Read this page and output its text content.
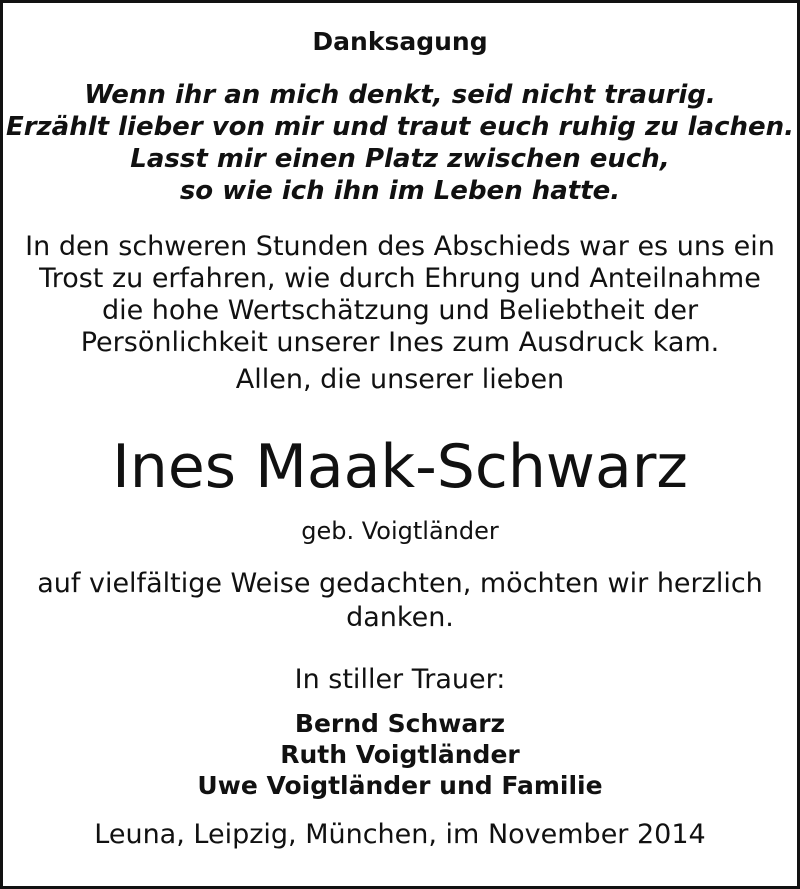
Danksagung
Wenn ihr an mich denkt, seid nicht traurig.
Erzählt lieber von mir und traut euch ruhig zu lachen.
Lasst mir einen Platz zwischen euch,
so wie ich ihn im Leben hatte.
In den schweren Stunden des Abschieds war es uns ein
Trost zu erfahren, wie durch Ehrung und Anteilnahme
die hohe Wertschätzung und Beliebtheit der
Persönlichkeit unserer Ines zum Ausdruck kam.
Allen, die unserer lieben
Ines Maak-Schwarz
geb. Voigtländer
auf vielfältige Weise gedachten, möchten wir herzlich
danken.
In stiller Trauer:
Bernd Schwarz
Ruth Voigtländer
Uwe Voigtländer und Familie
Leuna, Leipzig, München, im November 2014
